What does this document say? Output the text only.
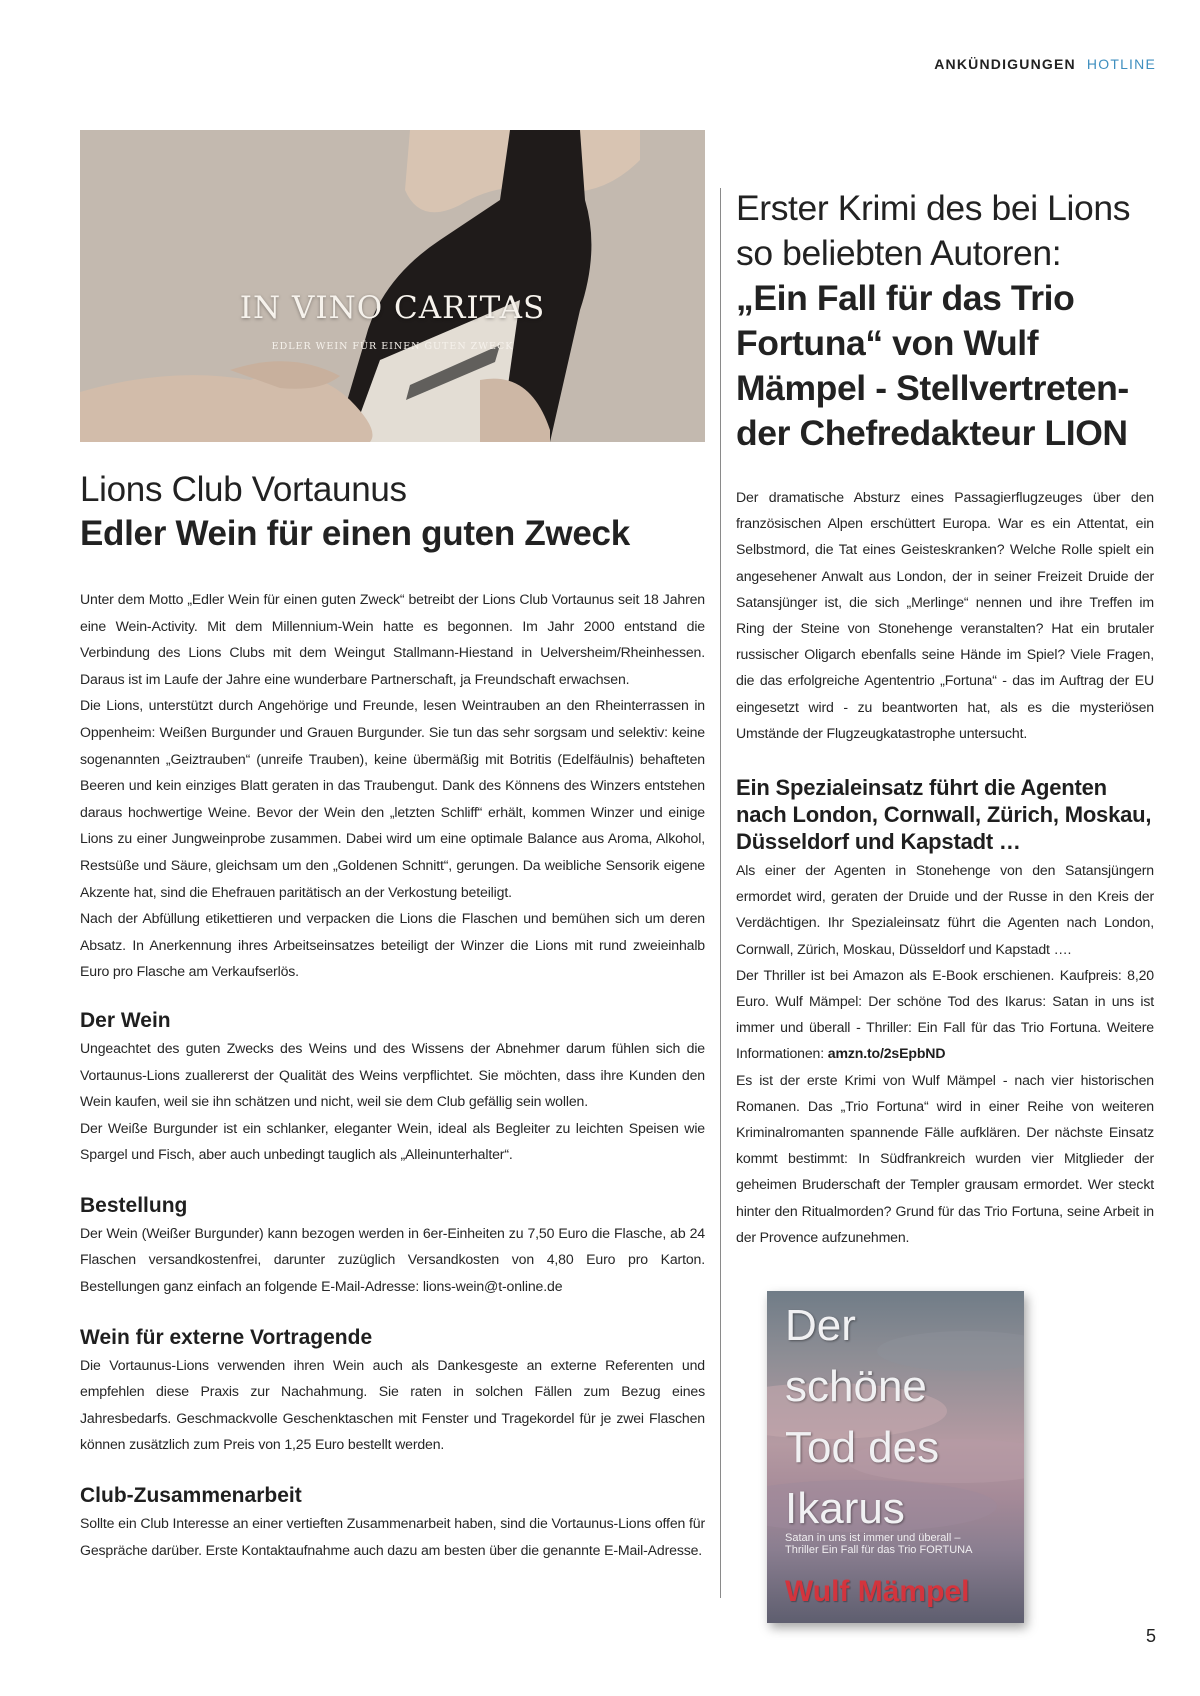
ANKÜNDIGUNGEN HOTLINE
IN VINO CARITAS
EDLER WEIN FÜR EINEN GUTEN ZWECK
Lions Club Vortaunus
Edler Wein für einen guten Zweck

Unter dem Motto „Edler Wein für einen guten Zweck“ betreibt der Lions Club Vortaunus seit 18 Jahren eine Wein-Activity. Mit dem Millennium-Wein hatte es begonnen. Im Jahr 2000 entstand die Verbindung des Lions Clubs mit dem Weingut Stallmann-Hiestand in Uelversheim/Rheinhessen. Daraus ist im Laufe der Jahre eine wunderbare Partnerschaft, ja Freundschaft erwachsen.

Die Lions, unterstützt durch Angehörige und Freunde, lesen Weintrauben an den Rheinterrassen in Oppenheim: Weißen Burgunder und Grauen Burgunder. Sie tun das sehr sorgsam und selektiv: keine sogenannten „Geiztrauben“ (unreife Trauben), keine übermäßig mit Botritis (Edelfäulnis) behafteten Beeren und kein einziges Blatt geraten in das Traubengut. Dank des Könnens des Winzers entstehen daraus hochwertige Weine. Bevor der Wein den „letzten Schliff“ erhält, kommen Winzer und einige Lions zu einer Jungweinprobe zusammen. Dabei wird um eine optimale Balance aus Aroma, Alkohol, Restsüße und Säure, gleichsam um den „Goldenen Schnitt“, gerungen. Da weibliche Sensorik eigene Akzente hat, sind die Ehefrauen paritätisch an der Verkostung beteiligt.

Nach der Abfüllung etikettieren und verpacken die Lions die Flaschen und bemühen sich um deren Absatz. In Anerkennung ihres Arbeitseinsatzes beteiligt der Winzer die Lions mit rund zweieinhalb Euro pro Flasche am Verkaufserlös.

Der Wein

Ungeachtet des guten Zwecks des Weins und des Wissens der Abnehmer darum fühlen sich die Vortaunus-Lions zuallererst der Qualität des Weins verpflichtet. Sie möchten, dass ihre Kunden den Wein kaufen, weil sie ihn schätzen und nicht, weil sie dem Club gefällig sein wollen.

Der Weiße Burgunder ist ein schlanker, eleganter Wein, ideal als Begleiter zu leichten Speisen wie Spargel und Fisch, aber auch unbedingt tauglich als „Alleinunterhalter“.

Bestellung

Der Wein (Weißer Burgunder) kann bezogen werden in 6er-Einheiten zu 7,50 Euro die Flasche, ab 24 Flaschen versandkostenfrei, darunter zuzüglich Versandkosten von 4,80 Euro pro Karton. Bestellungen ganz einfach an folgende E-Mail-Adresse: lions-wein@t-online.de

Wein für externe Vortragende

Die Vortaunus-Lions verwenden ihren Wein auch als Dankesgeste an externe Referenten und empfehlen diese Praxis zur Nachahmung. Sie raten in solchen Fällen zum Bezug eines Jahresbedarfs. Geschmackvolle Geschenktaschen mit Fenster und Tragekordel für je zwei Flaschen können zusätzlich zum Preis von 1,25 Euro bestellt werden.

Club-Zusammenarbeit

Sollte ein Club Interesse an einer vertieften Zusammenarbeit haben, sind die Vortaunus-Lions offen für Gespräche darüber. Erste Kontaktaufnahme auch dazu am besten über die genannte E-Mail-Adresse.

Erster Krimi des bei Lions
so beliebten Autoren:
„Ein Fall für das Trio
Fortuna“ von Wulf
Mämpel - Stellvertreten-
der Chefredakteur LION

Der dramatische Absturz eines Passagierflugzeuges über den französischen Alpen erschüttert Europa. War es ein Attentat, ein Selbstmord, die Tat eines Geisteskranken? Welche Rolle spielt ein angesehener Anwalt aus London, der in seiner Freizeit Druide der Satansjünger ist, die sich „Merlinge“ nennen und ihre Treffen im Ring der Steine von Stonehenge veranstalten? Hat ein brutaler russischer Oligarch ebenfalls seine Hände im Spiel? Viele Fragen, die das erfolgreiche Agententrio „Fortuna“ - das im Auftrag der EU eingesetzt wird - zu beantworten hat, als es die mysteriösen Umstände der Flugzeugkatastrophe untersucht.

Ein Spezialeinsatz führt die Agenten nach London, Cornwall, Zürich, Moskau, Düsseldorf und Kapstadt …

Als einer der Agenten in Stonehenge von den Satansjüngern ermordet wird, geraten der Druide und der Russe in den Kreis der Verdächtigen. Ihr Spezialeinsatz führt die Agenten nach London, Cornwall, Zürich, Moskau, Düsseldorf und Kapstadt ….

Der Thriller ist bei Amazon als E-Book erschienen. Kaufpreis: 8,20 Euro. Wulf Mämpel: Der schöne Tod des Ikarus: Satan in uns ist immer und überall - Thriller: Ein Fall für das Trio Fortuna. Weitere Informationen: amzn.to/2sEpbND

Es ist der erste Krimi von Wulf Mämpel - nach vier historischen Romanen. Das „Trio Fortuna“ wird in einer Reihe von weiteren Kriminalromanten spannende Fälle aufklären. Der nächste Einsatz kommt bestimmt: In Südfrankreich wurden vier Mitglieder der geheimen Bruderschaft der Templer grausam ermordet. Wer steckt hinter den Ritualmorden? Grund für das Trio Fortuna, seine Arbeit in der Provence aufzunehmen.

Der
schöne
Tod des
Ikarus
Satan in uns ist immer und überall – Thriller Ein Fall für das Trio FORTUNA
Wulf Mämpel
5
